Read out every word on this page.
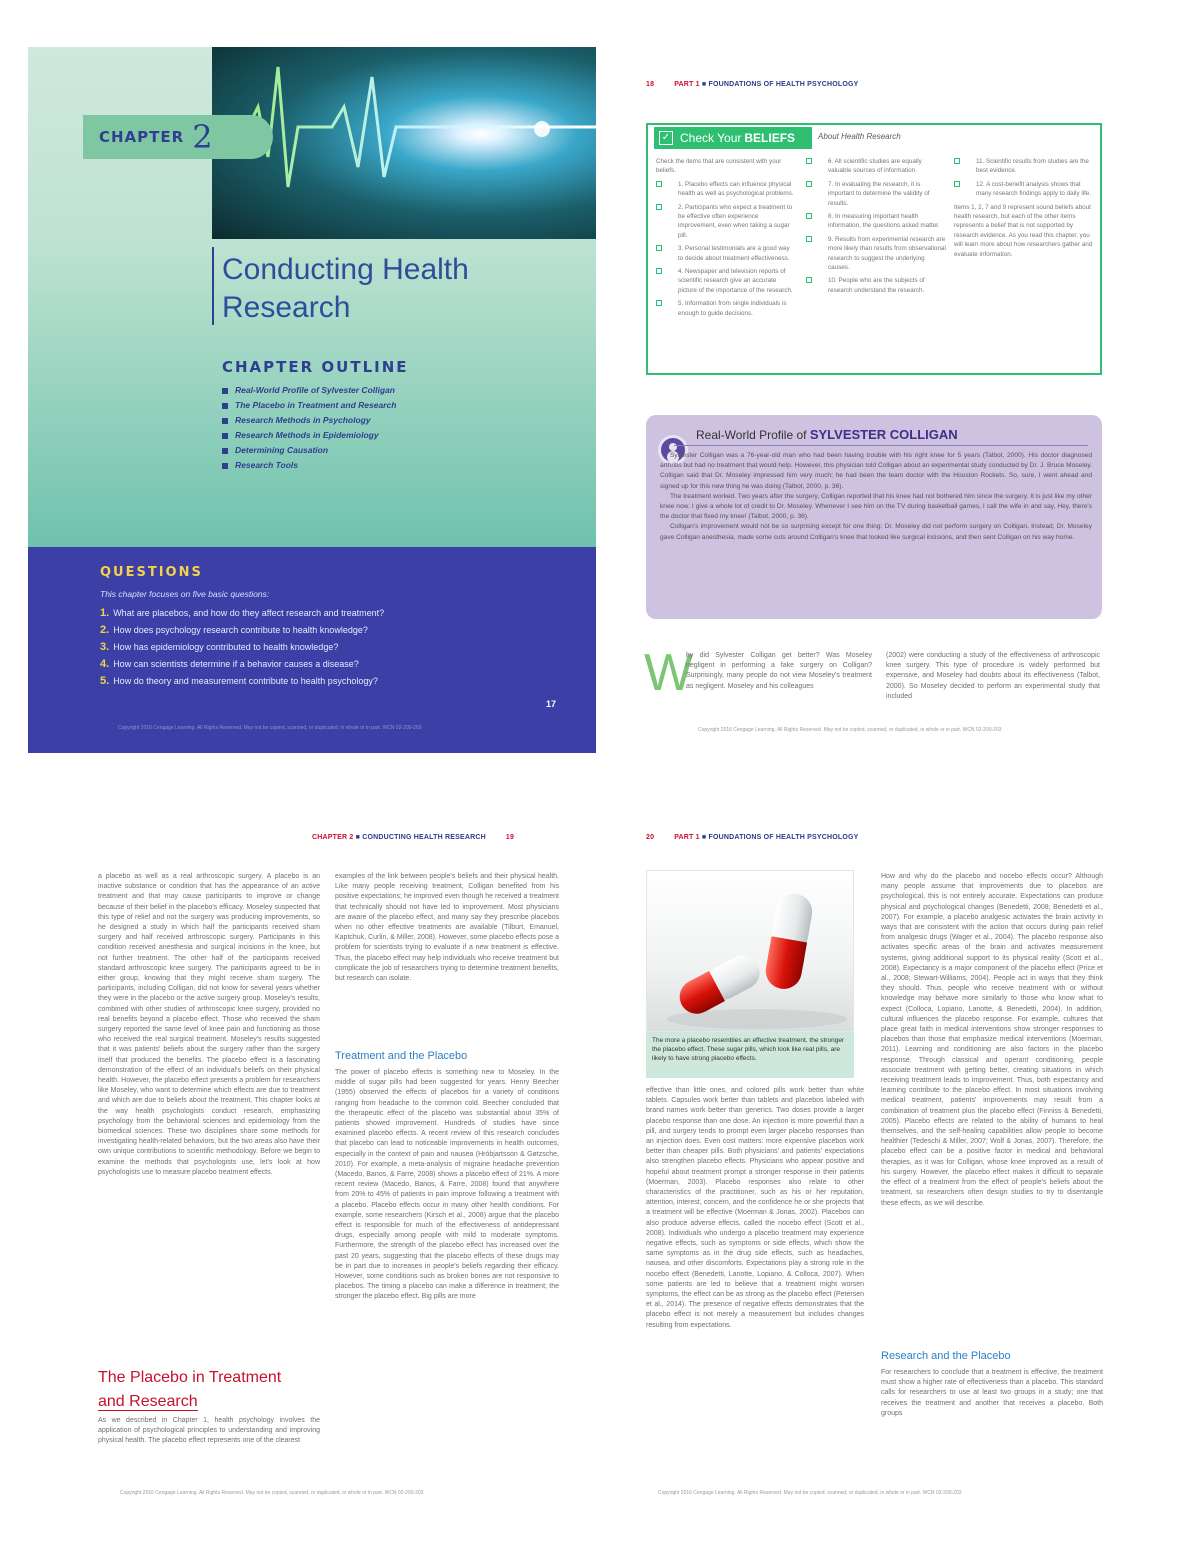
CHAPTER 2
Conducting Health
Research
CHAPTER OUTLINE
Real-World Profile of Sylvester Colligan
The Placebo in Treatment and Research
Research Methods in Psychology
Research Methods in Epidemiology
Determining Causation
Research Tools
QUESTIONS
This chapter focuses on five basic questions:
1. What are placebos, and how do they affect research and treatment?
2. How does psychology research contribute to health knowledge?
3. How has epidemiology contributed to health knowledge?
4. How can scientists determine if a behavior causes a disease?
5. How do theory and measurement contribute to health psychology?
17
Copyright 2016 Cengage Learning. All Rights Reserved. May not be copied, scanned, or duplicated, in whole or in part. WCN 02-200-203
18	PART 1 ■ FOUNDATIONS OF HEALTH PSYCHOLOGY
✓ Check Your BELIEFS	About Health Research
Check the items that are consistent with your beliefs.
1. Placebo effects can influence physical health as well as psychological problems.
2. Participants who expect a treatment to be effective often experience improvement, even when taking a sugar pill.
3. Personal testimonials are a good way to decide about treatment effectiveness.
4. Newspaper and television reports of scientific research give an accurate picture of the importance of the research.
5. Information from single individuals is enough to guide decisions.
6. All scientific studies are equally valuable sources of information.
7. In evaluating the research, it is important to determine the validity of results.
8. In measuring important health information, the questions asked matter.
9. Results from experimental research are more likely than results from observational research to suggest the underlying causes.
10. People who are the subjects of research understand the research.
11. Scientific results from studies are the best evidence.
12. A cost-benefit analysis shows that many research findings apply to daily life.
Items 1, 2, 7 and 9 represent sound beliefs about health research, but each of the other items represents a belief that is not supported by research evidence. As you read this chapter, you will learn more about how researchers gather and evaluate information.
Real-World Profile of SYLVESTER COLLIGAN

Sylvester Colligan was a 76-year-old man who had been having trouble with his right knee for 5 years (Talbot, 2000). His doctor diagnosed arthritis but had no treatment that would help. However, this physician told Colligan about an experimental study conducted by Dr. J. Bruce Moseley. Colligan said that Dr. Moseley impressed him very much; he had been the team doctor with the Houston Rockets. So, sure, I went ahead and signed up for this new thing he was doing (Talbot, 2000, p. 36).

The treatment worked. Two years after the surgery, Colligan reported that his knee had not bothered him since the surgery. It is just like my other knee now. I give a whole lot of credit to Dr. Moseley. Whenever I see him on the TV during basketball games, I call the wife in and say, Hey, there's the doctor that fixed my knee! (Talbot, 2000, p. 36).

Colligan's improvement would not be so surprising except for one thing: Dr. Moseley did not perform surgery on Colligan. Instead, Dr. Moseley gave Colligan anesthesia, made some cuts around Colligan's knee that looked like surgical incisions, and then sent Colligan on his way home.

W
hy did Sylvester Colligan get better? Was Moseley negligent in performing a fake surgery on Colligan? Surprisingly, many people do not view Moseley's treatment as negligent. Moseley and his colleagues
(2002) were conducting a study of the effectiveness of arthroscopic knee surgery. This type of procedure is widely performed but expensive, and Moseley had doubts about its effectiveness (Talbot, 2000). So Moseley decided to perform an experimental study that included
Copyright 2016 Cengage Learning. All Rights Reserved. May not be copied, scanned, or duplicated, in whole or in part. WCN 02-200-203
CHAPTER 2 ■ CONDUCTING HEALTH RESEARCH	19
a placebo as well as a real arthroscopic surgery. A placebo is an inactive substance or condition that has the appearance of an active treatment and that may cause participants to improve or change because of their belief in the placebo's efficacy. Moseley suspected that this type of relief and not the surgery was producing improvements, so he designed a study in which half the participants received sham surgery and half received arthroscopic surgery. Participants in this condition received anesthesia and surgical incisions in the knee, but not further treatment. The other half of the participants received standard arthroscopic knee surgery. The participants agreed to be in either group, knowing that they might receive sham surgery. The participants, including Colligan, did not know for several years whether they were in the placebo or the active surgery group. Moseley's results, combined with other studies of arthroscopic knee surgery, provided no real benefits beyond a placebo effect. Those who received the sham surgery reported the same level of knee pain and functioning as those who received the real surgical treatment. Moseley's results suggested that it was patients' beliefs about the surgery rather than the surgery itself that produced the benefits. The placebo effect is a fascinating demonstration of the effect of an individual's beliefs on their physical health. However, the placebo effect presents a problem for researchers like Moseley, who want to determine which effects are due to treatment and which are due to beliefs about the treatment. This chapter looks at the way health psychologists conduct research, emphasizing psychology from the behavioral sciences and epidemiology from the biomedical sciences. These two disciplines share some methods for investigating health-related behaviors, but the two areas also have their own unique contributions to scientific methodology. Before we begin to examine the methods that psychologists use, let's look at how psychologists use to measure placebo treatment effects.
The Placebo in Treatment
and Research
As we described in Chapter 1, health psychology involves the application of psychological principles to understanding and improving physical health. The placebo effect represents one of the clearest
examples of the link between people's beliefs and their physical health. Like many people receiving treatment, Colligan benefited from his positive expectations; he improved even though he received a treatment that technically should not have led to improvement. Most physicians are aware of the placebo effect, and many say they prescribe placebos when no other effective treatments are available (Tilburt, Emanuel, Kaptchuk, Curlin, & Miller, 2008). However, some placebo effects pose a problem for scientists trying to evaluate if a new treatment is effective. Thus, the placebo effect may help individuals who receive treatment but complicate the job of researchers trying to determine treatment benefits, but research can isolate.
Treatment and the Placebo
The power of placebo effects is something new to Moseley. In the middle of sugar pills had been suggested for years. Henry Beecher (1955) observed the effects of placebos for a variety of conditions ranging from headache to the common cold. Beecher concluded that the therapeutic effect of the placebo was substantial about 35% of patients showed improvement. Hundreds of studies have since examined placebo effects. A recent review of this research concludes that placebo can lead to noticeable improvements in health outcomes, especially in the context of pain and nausea (Hróbjartsson & Gøtzsche, 2010). For example, a meta-analysis of migraine headache prevention (Macedo, Banos, & Farre, 2008) shows a placebo effect of 21%. A more recent review (Macedo, Banos, & Farre, 2008) found that anywhere from 20% to 45% of patients in pain improve following a treatment with a placebo. Placebo effects occur in many other health conditions. For example, some researchers (Kirsch et al., 2008) argue that the placebo effect is responsible for much of the effectiveness of antidepressant drugs, especially among people with mild to moderate symptoms. Furthermore, the strength of the placebo effect has increased over the past 20 years, suggesting that the placebo effects of these drugs may be in part due to increases in people's beliefs regarding their efficacy. However, some conditions such as broken bones are not responsive to placebos. The timing a placebo can make a difference in treatment; the stronger the placebo effect. Big pills are more
Copyright 2016 Cengage Learning. All Rights Reserved. May not be copied, scanned, or duplicated, in whole or in part. WCN 02-200-203
20	PART 1 ■ FOUNDATIONS OF HEALTH PSYCHOLOGY
The more a placebo resembles an effective treatment, the stronger the placebo effect. These sugar pills, which look like real pills, are likely to have strong placebo effects.
effective than little ones, and colored pills work better than white tablets. Capsules work better than tablets and placebos labeled with brand names work better than generics. Two doses provide a larger placebo response than one dose. An injection is more powerful than a pill, and surgery tends to prompt even larger placebo responses than an injection does. Even cost matters: more expensive placebos work better than cheaper pills. Both physicians' and patients' expectations also strengthen placebo effects. Physicians who appear positive and hopeful about treatment prompt a stronger response in their patients (Moerman, 2003). Placebo responses also relate to other characteristics of the practitioner, such as his or her reputation, attention, interest, concern, and the confidence he or she projects that a treatment will be effective (Moerman & Jonas, 2002). Placebos can also produce adverse effects, called the nocebo effect (Scott et al., 2008). Individuals who undergo a placebo treatment may experience negative effects, such as symptoms or side effects, which show the same symptoms as in the drug side effects, such as headaches, nausea, and other discomforts. Expectations play a strong role in the nocebo effect (Benedetti, Lanotte, Lopiano, & Colloca, 2007). When some patients are led to believe that a treatment might worsen symptoms, the effect can be as strong as the placebo effect (Petersen et al., 2014). The presence of negative effects demonstrates that the placebo effect is not merely a measurement but includes changes resulting from expectations.
How and why do the placebo and nocebo effects occur? Although many people assume that improvements due to placebos are psychological, this is not entirely accurate. Expectations can produce physical and psychological changes (Benedetti, 2008; Benedetti et al., 2007). For example, a placebo analgesic activates the brain activity in ways that are consistent with the action that occurs during pain relief from analgesic drugs (Wager et al., 2004). The placebo response also activates specific areas of the brain and activates measurement systems, giving additional support to its physical reality (Scott et al., 2008). Expectancy is a major component of the placebo effect (Price et al., 2008; Stewart-Williams, 2004). People act in ways that they think they should. Thus, people who receive treatment with or without knowledge may behave more similarly to those who know what to expect (Colloca, Lopiano, Lanotte, & Benedetti, 2004). In addition, cultural influences the placebo response. For example, cultures that place great faith in medical interventions show stronger responses to placebos than those that emphasize medical interventions (Moerman, 2011). Learning and conditioning are also factors in the placebo response. Through classical and operant conditioning, people associate treatment with getting better, creating situations in which receiving treatment leads to improvement. Thus, both expectancy and learning contribute to the placebo effect. In most situations involving medical treatment, patients' improvements may result from a combination of treatment plus the placebo effect (Finniss & Benedetti, 2005). Placebo effects are related to the ability of humans to heal themselves, and the self-healing capabilities allow people to become healthier (Tedeschi & Miller, 2007; Wolf & Jonas, 2007). Therefore, the placebo effect can be a positive factor in medical and behavioral therapies, as it was for Colligan, whose knee improved as a result of his surgery. However, the placebo effect makes it difficult to separate the effect of a treatment from the effect of people's beliefs about the treatment, so researchers often design studies to try to disentangle these effects, as we will describe.
Research and the Placebo
For researchers to conclude that a treatment is effective, the treatment must show a higher rate of effectiveness than a placebo. This standard calls for researchers to use at least two groups in a study; one that receives the treatment and another that receives a placebo. Both groups
Copyright 2016 Cengage Learning. All Rights Reserved. May not be copied, scanned, or duplicated, in whole or in part. WCN 02-200-203
